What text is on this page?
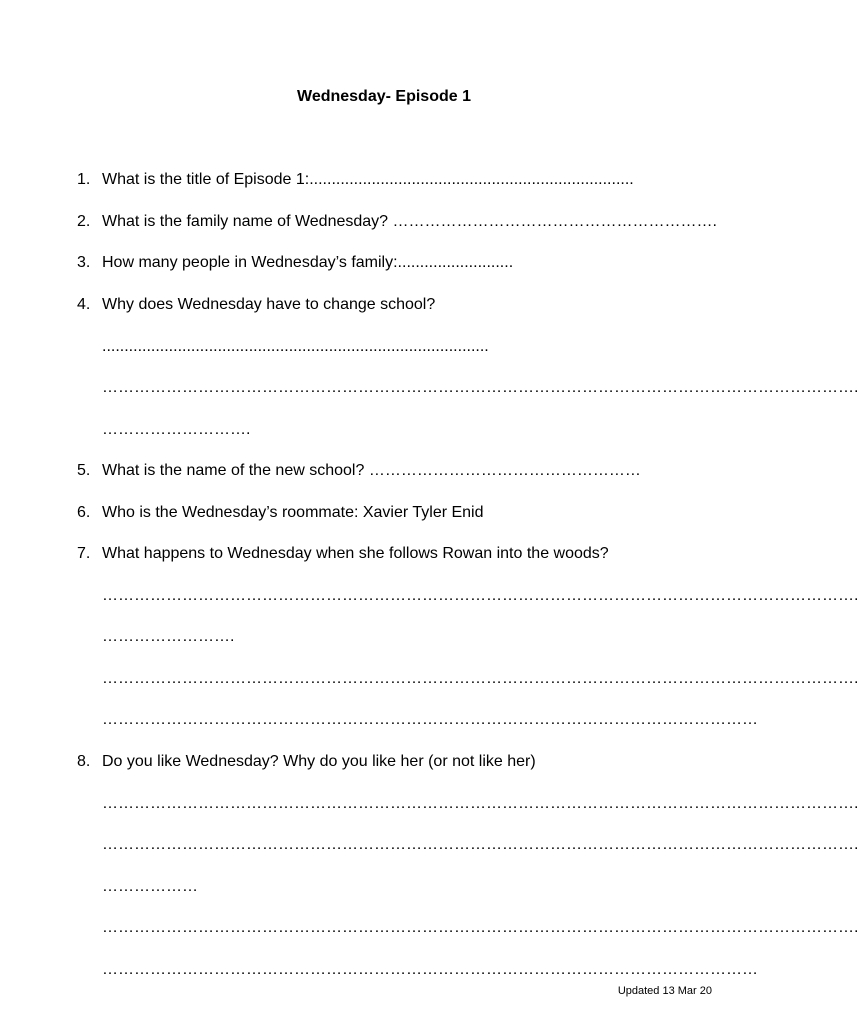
Wednesday- Episode 1
1. What is the title of Episode 1:.........................................................................
2. What is the family name of Wednesday? …………………………………………………….
3. How many people in Wednesday’s family:..........................
4. Why does Wednesday have to change school?
.......................................................................................
…………………………………………………………………………………………………………………………….
……………………….
5. What is the name of the new school? ……………………………………………
6. Who is the Wednesday’s roommate: Xavier Tyler Enid
7. What happens to Wednesday when she follows Rowan into the woods?
…………………………………………………………………………………………………………………………….
…………………….
…………………………………………………………………………………………………………………………….
……………………………………………………………………………………………………………
8. Do you like Wednesday? Why do you like her (or not like her)
…………………………………………………………………………………………………………………………….
…………………………………………………………………………………………………………………………….
………………
…………………………………………………………………………………………………………………………….
……………………………………………………………………………………………………………
Updated 13 Mar 20
